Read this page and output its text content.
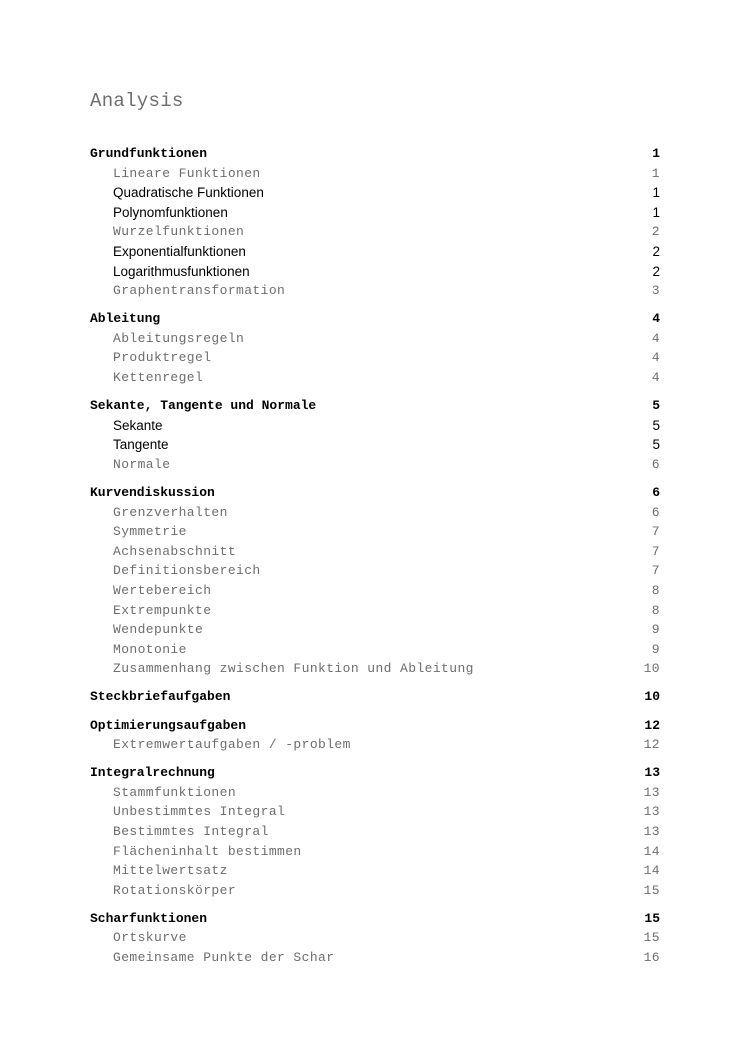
Analysis
Grundfunktionen	1
Lineare Funktionen	1
Quadratische Funktionen	1
Polynomfunktionen	1
Wurzelfunktionen	2
Exponentialfunktionen	2
Logarithmusfunktionen	2
Graphentransformation	3
Ableitung	4
Ableitungsregeln	4
Produktregel	4
Kettenregel	4
Sekante, Tangente und Normale	5
Sekante	5
Tangente	5
Normale	6
Kurvendiskussion	6
Grenzverhalten	6
Symmetrie	7
Achsenabschnitt	7
Definitionsbereich	7
Wertebereich	8
Extrempunkte	8
Wendepunkte	9
Monotonie	9
Zusammenhang zwischen Funktion und Ableitung	10
Steckbriefaufgaben	10
Optimierungsaufgaben	12
Extremwertaufgaben / -problem	12
Integralrechnung	13
Stammfunktionen	13
Unbestimmtes Integral	13
Bestimmtes Integral	13
Flächeninhalt bestimmen	14
Mittelwertsatz	14
Rotationskörper	15
Scharfunktionen	15
Ortskurve	15
Gemeinsame Punkte der Schar	16
